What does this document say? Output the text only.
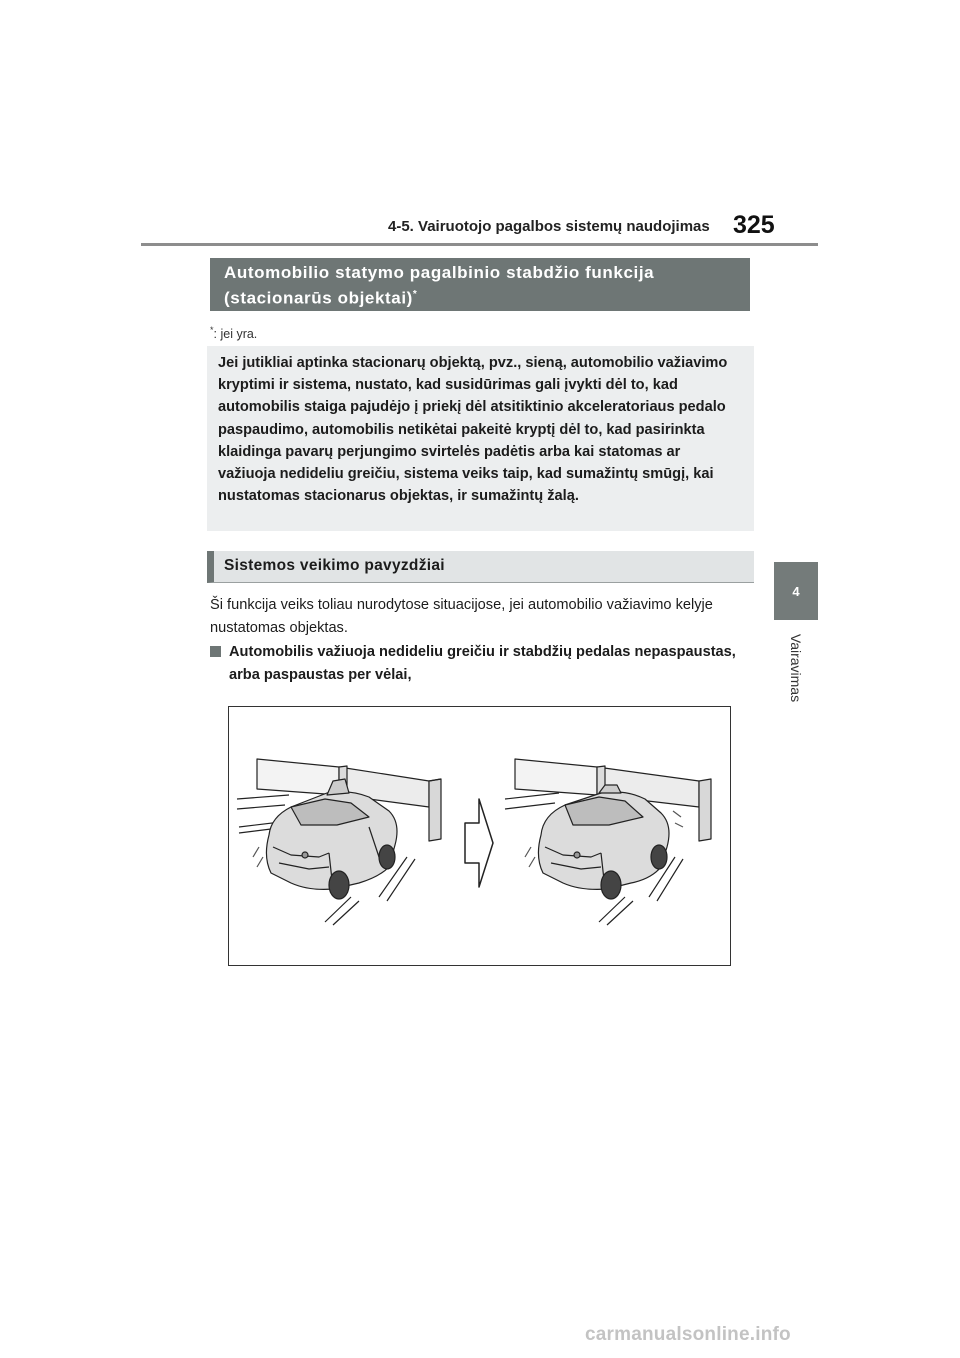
4-5. Vairuotojo pagalbos sistemų naudojimas 325
4
Vairavimas
Automobilio statymo pagalbinio stabdžio funkcija
(stacionarūs objektai)*
*: jei yra.
Jei jutikliai aptinka stacionarų objektą, pvz., sieną, automobilio važiavimo kryptimi ir sistema, nustato, kad susidūrimas gali įvykti dėl to, kad automobilis staiga pajudėjo į priekį dėl atsitiktinio akceleratoriaus pedalo paspaudimo, automobilis netikėtai pakeitė kryptį dėl to, kad pasirinkta klaidinga pavarų perjungimo svirtelės padėtis arba kai statomas ar važiuoja nedideliu greičiu, sistema veiks taip, kad sumažintų smūgį, kai nustatomas stacionarus objektas, ir sumažintų žalą.
Sistemos veikimo pavyzdžiai
Ši funkcija veiks toliau nurodytose situacijose, jei automobilio važiavimo kelyje nustatomas objektas.
Automobilis važiuoja nedideliu greičiu ir stabdžių pedalas nepaspaustas, arba paspaustas per vėlai,
carmanualsonline.info
